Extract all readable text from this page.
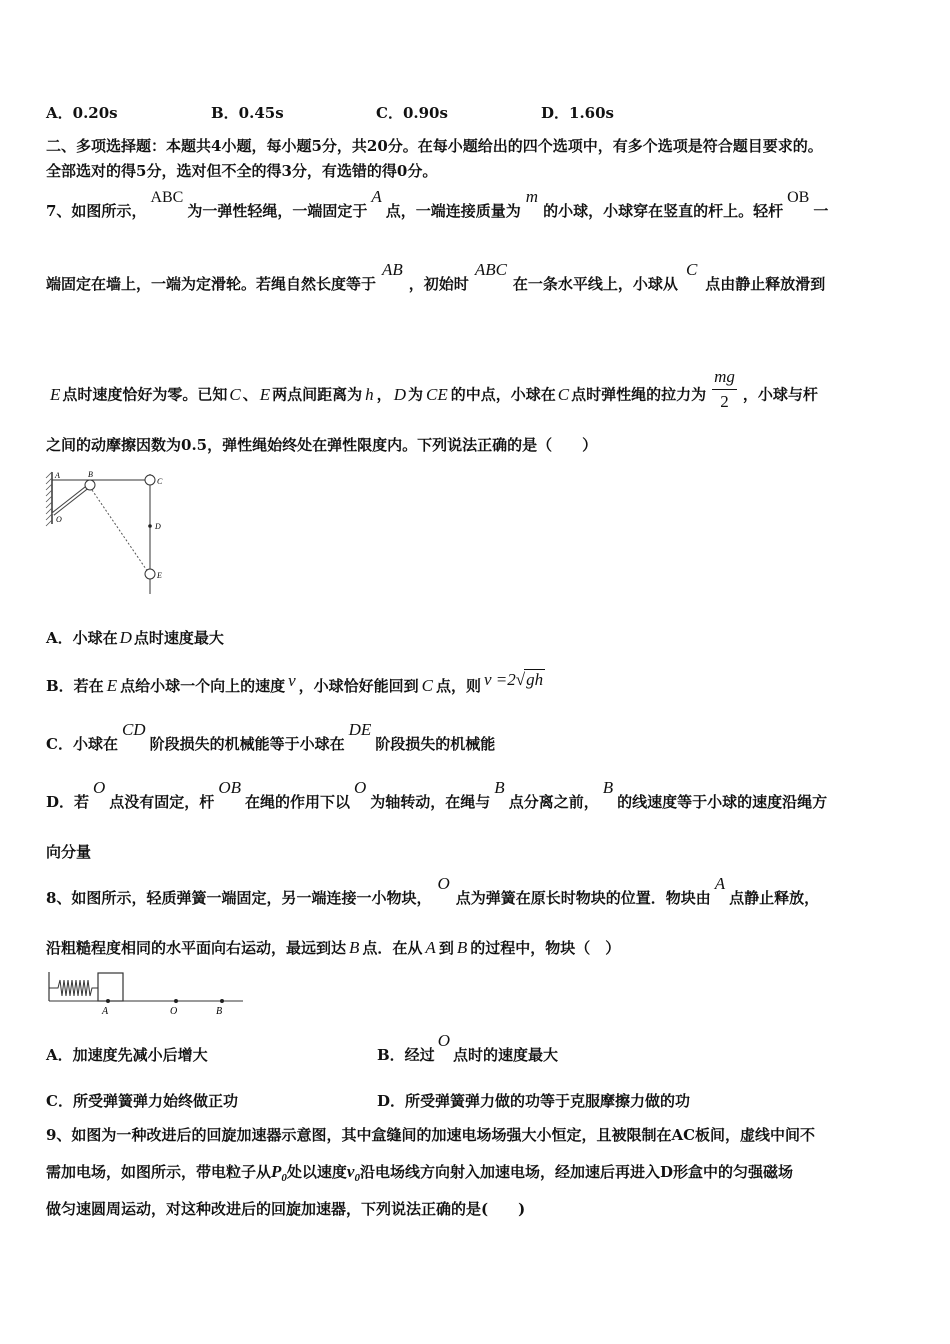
A．0.20s	B．0.45s	C．0.90s	D．1.60s
二、多项选择题：本题共4小题，每小题5分，共20分。在每小题给出的四个选项中，有多个选项是符合题目要求的。
全部选对的得5分，选对但不全的得3分，有选错的得0分。
7、如图所示，ABC为一弹性轻绳，一端固定于A点，一端连接质量为m的小球，小球穿在竖直的杆上。轻杆OB一
端固定在墙上，一端为定滑轮。若绳自然长度等于AB，初始时ABC在一条水平线上，小球从C点由静止释放滑到
E 点时速度恰好为零。已知 C 、 E 两点间距离为 h ， D 为 CE 的中点，小球在 C 点时弹性绳的拉力为 $\frac{mg}{2}$ ，小球与杆
之间的动摩擦因数为0.5，弹性绳始终处在弹性限度内。下列说法正确的是（　　）
A	B
C
D
E
O
A．小球在 D 点时速度最大
B．若在 E 点给小球一个向上的速度 v ，小球恰好能回到 C 点，则 v =2√gh
C．小球在CD阶段损失的机械能等于小球在DE阶段损失的机械能
D．若O点没有固定，杆OB在绳的作用下以O为轴转动，在绳与B点分离之前，B的线速度等于小球的速度沿绳方
向分量
8、如图所示，轻质弹簧一端固定，另一端连接一小物块，O点为弹簧在原长时物块的位置．物块由A点静止释放，
沿粗糙程度相同的水平面向右运动，最远到达 B 点．在从 A 到 B 的过程中，物块（　）
A	O	B
A．加速度先减小后增大	B．经过O点时的速度最大
C．所受弹簧弹力始终做正功	D．所受弹簧弹力做的功等于克服摩擦力做的功
9、如图为一种改进后的回旋加速器示意图，其中盒缝间的加速电场场强大小恒定，且被限制在AC板间，虚线中间不
需加电场，如图所示，带电粒子从$P_0$处以速度$v_0$沿电场线方向射入加速电场，经加速后再进入D形盒中的匀强磁场
做匀速圆周运动，对这种改进后的回旋加速器，下列说法正确的是(　　)
